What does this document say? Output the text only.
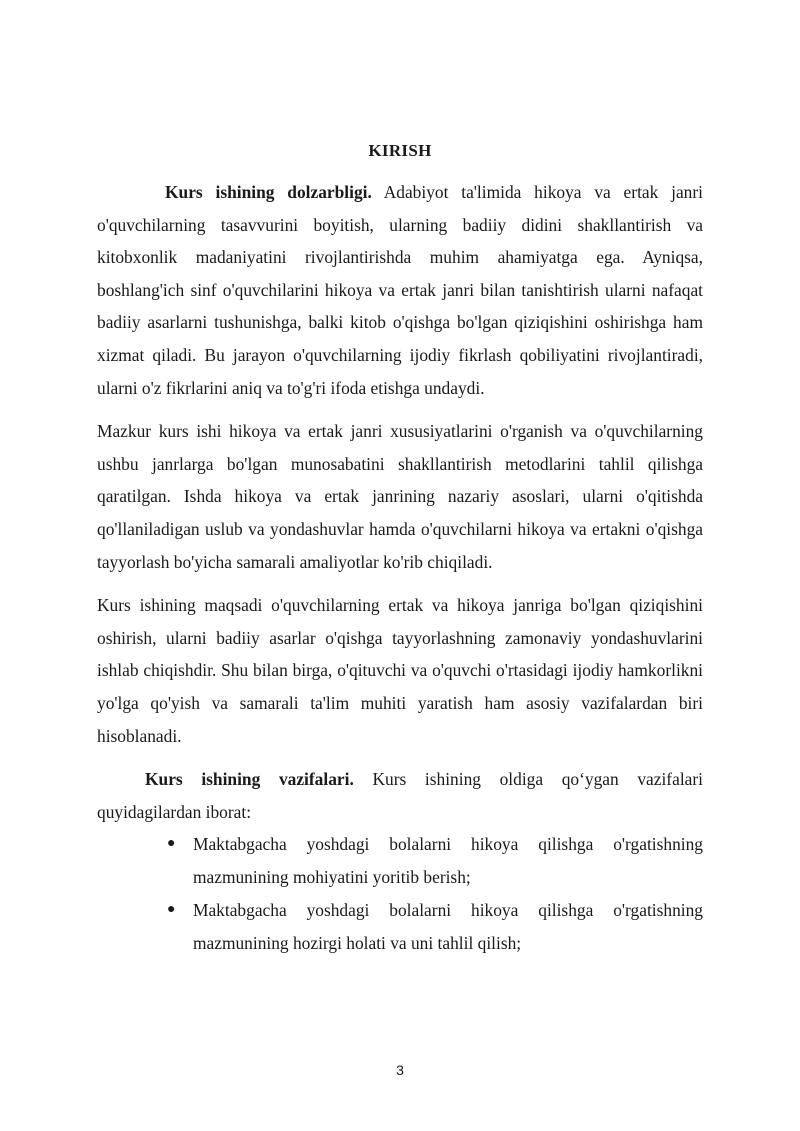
KIRISH

Kurs ishining dolzarbligi. Adabiyot ta'limida hikoya va ertak janri o'quvchilarning tasavvurini boyitish, ularning badiiy didini shakllantirish va kitobxonlik madaniyatini rivojlantirishda muhim ahamiyatga ega. Ayniqsa, boshlang'ich sinf o'quvchilarini hikoya va ertak janri bilan tanishtirish ularni nafaqat badiiy asarlarni tushunishga, balki kitob o'qishga bo'lgan qiziqishini oshirishga ham xizmat qiladi. Bu jarayon o'quvchilarning ijodiy fikrlash qobiliyatini rivojlantiradi, ularni o'z fikrlarini aniq va to'g'ri ifoda etishga undaydi.

Mazkur kurs ishi hikoya va ertak janri xususiyatlarini o'rganish va o'quvchilarning ushbu janrlarga bo'lgan munosabatini shakllantirish metodlarini tahlil qilishga qaratilgan. Ishda hikoya va ertak janrining nazariy asoslari, ularni o'qitishda qo'llaniladigan uslub va yondashuvlar hamda o'quvchilarni hikoya va ertakni o'qishga tayyorlash bo'yicha samarali amaliyotlar ko'rib chiqiladi.

Kurs ishining maqsadi o'quvchilarning ertak va hikoya janriga bo'lgan qiziqishini oshirish, ularni badiiy asarlar o'qishga tayyorlashning zamonaviy yondashuvlarini ishlab chiqishdir. Shu bilan birga, o'qituvchi va o'quvchi o'rtasidagi ijodiy hamkorlikni yo'lga qo'yish va samarali ta'lim muhiti yaratish ham asosiy vazifalardan biri hisoblanadi.

Kurs ishining vazifalari. Kurs ishining oldiga qo‘ygan vazifalari quyidagilardan iborat:

● Maktabgacha yoshdagi bolalarni hikoya qilishga o'rgatishning mazmunining mohiyatini yoritib berish;
● Maktabgacha yoshdagi bolalarni hikoya qilishga o'rgatishning mazmunining hozirgi holati va uni tahlil qilish;
3
